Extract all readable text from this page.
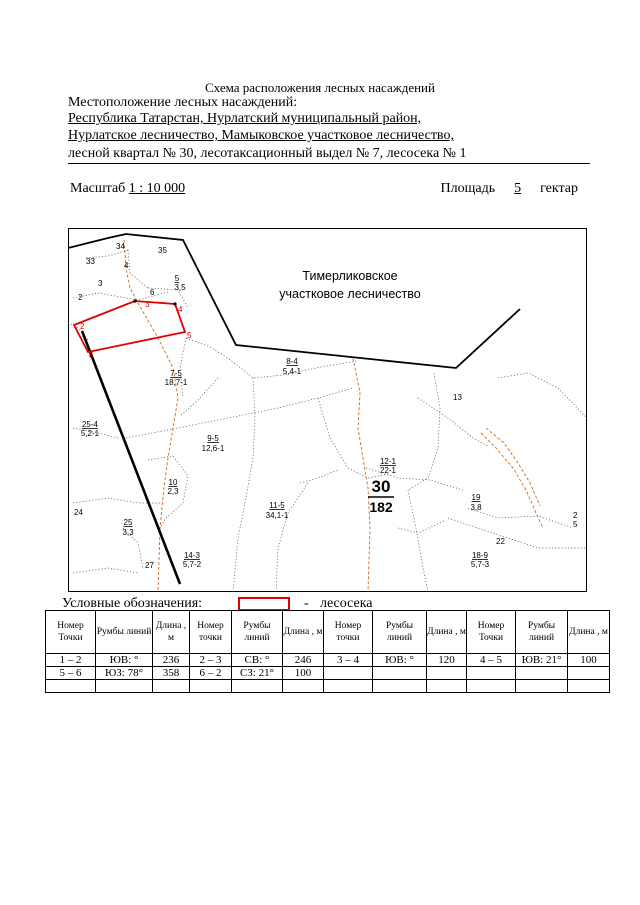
Схема расположения лесных насаждений
Местоположение лесных насаждений:
Республика Татарстан, Нурлатский муниципальный район,
Нурлатское лесничество, Мамыковское участковое лесничество,
лесной квартал № 30, лесотаксационный выдел № 7, лесосека № 1
Масштаб 1 : 10 000	Площадь 5 гектар
Тимерликовское
участковое лесничество
30
182
34	35
33	4
3
2
6
5
3,5
8-4
5,4-1
7-5
18,7-1
25-4
5,2-1
9-5
12,6-1
13
12-1
22-1
10
2,3
11-5
34,1-1
19
3,8
24
25
3,3
2
5
22
14-3
5,7-2
27
18-9
5,7-3
2
3
4
5
6
Условные обозначения:	- лесосека
Номер Точки	Румбы линий	Длина , м	Номер точки	Румбы линий	Длина , м	Номер точки	Румбы линий	Длина , м	Номер Точки	Румбы линий	Длина , м
1 – 2	ЮВ: °	236	2 – 3	СВ: °	246	3 – 4	ЮВ: °	120	4 – 5	ЮВ: 21°	100
5 – 6	ЮЗ: 78°	358	6 – 2	СЗ: 21°	100						
